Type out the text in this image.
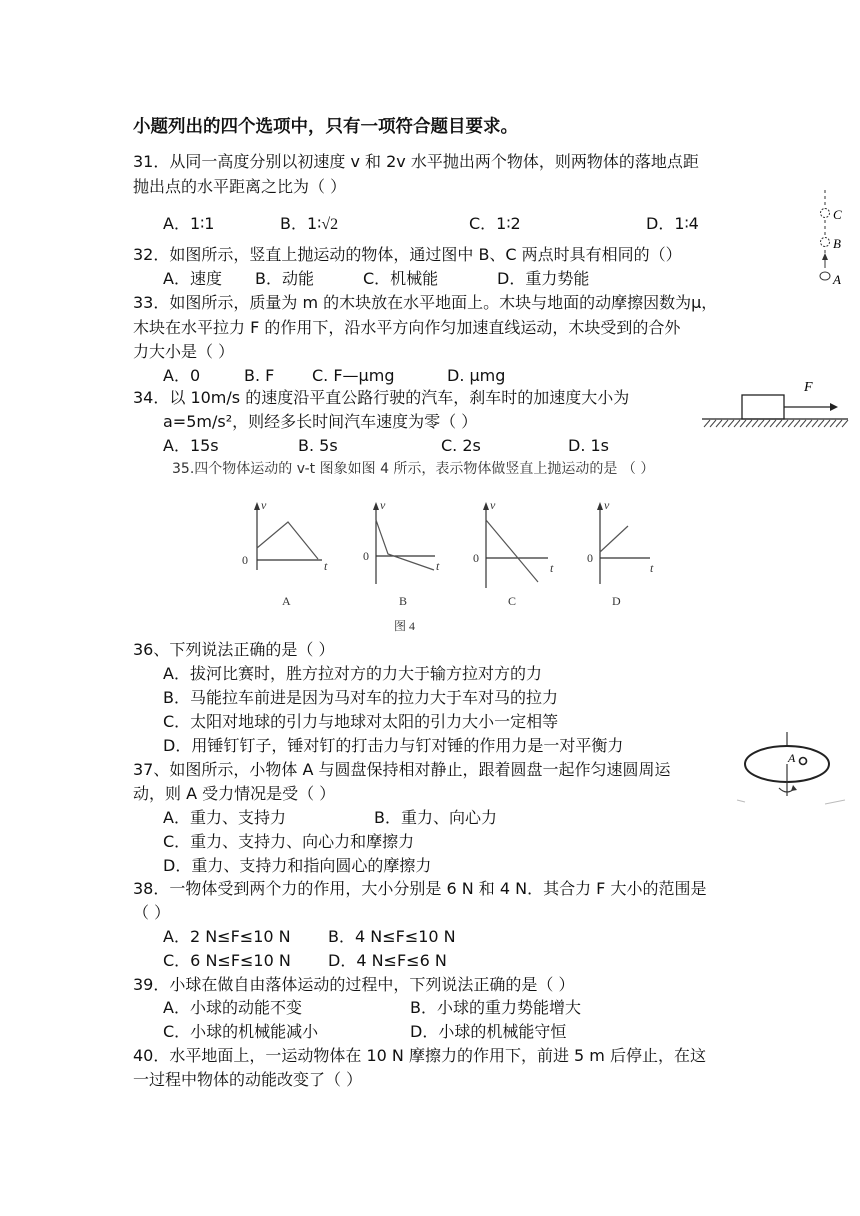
小题列出的四个选项中，只有一项符合题目要求。
31．从同一高度分别以初速度 v 和 2v 水平抛出两个物体，则两物体的落地点距
抛出点的水平距离之比为（ ）
A．1∶1	B．1∶√2	C．1∶2	D．1∶4
32．如图所示，竖直上抛运动的物体，通过图中 B、C 两点时具有相同的（）
A．速度 B．动能	C．机械能	D．重力势能
C
B
A
33．如图所示，质量为 m 的木块放在水平地面上。木块与地面的动摩擦因数为μ，
木块在水平拉力 F 的作用下，沿水平方向作匀加速直线运动，木块受到的合外
力大小是（ ）
A．0	B. F C. F—μmg	D. μmg
F
34．以 10m/s 的速度沿平直公路行驶的汽车，刹车时的加速度大小为
a=5m/s²，则经多长时间汽车速度为零（ ）
A．15s	B. 5s	C. 2s	D. 1s
35.四个物体运动的 v-t 图象如图 4 所示，表示物体做竖直上抛运动的是 （ ）
v
t
0
A
v
t
0
B
v
t
0
C
v
t
0
D
图 4
36、下列说法正确的是（ ）
A．拔河比赛时，胜方拉对方的力大于输方拉对方的力
B．马能拉车前进是因为马对车的拉力大于车对马的拉力
C．太阳对地球的引力与地球对太阳的引力大小一定相等
D．用锤钉钉子，锤对钉的打击力与钉对锤的作用力是一对平衡力
A
37、如图所示，小物体 A 与圆盘保持相对静止，跟着圆盘一起作匀速圆周运
动，则 A 受力情况是受（ ）
A．重力、支持力	B．重力、向心力
C．重力、支持力、向心力和摩擦力
D．重力、支持力和指向圆心的摩擦力
38．一物体受到两个力的作用，大小分别是 6 N 和 4 N．其合力 F 大小的范围是
（ ）
A．2 N≤F≤10 N B．4 N≤F≤10 N
C．6 N≤F≤10 N D．4 N≤F≤6 N
39．小球在做自由落体运动的过程中，下列说法正确的是（ ）
A．小球的动能不变	B．小球的重力势能增大
C．小球的机械能减小	D．小球的机械能守恒
40．水平地面上，一运动物体在 10 N 摩擦力的作用下，前进 5 m 后停止，在这
一过程中物体的动能改变了（ ）
